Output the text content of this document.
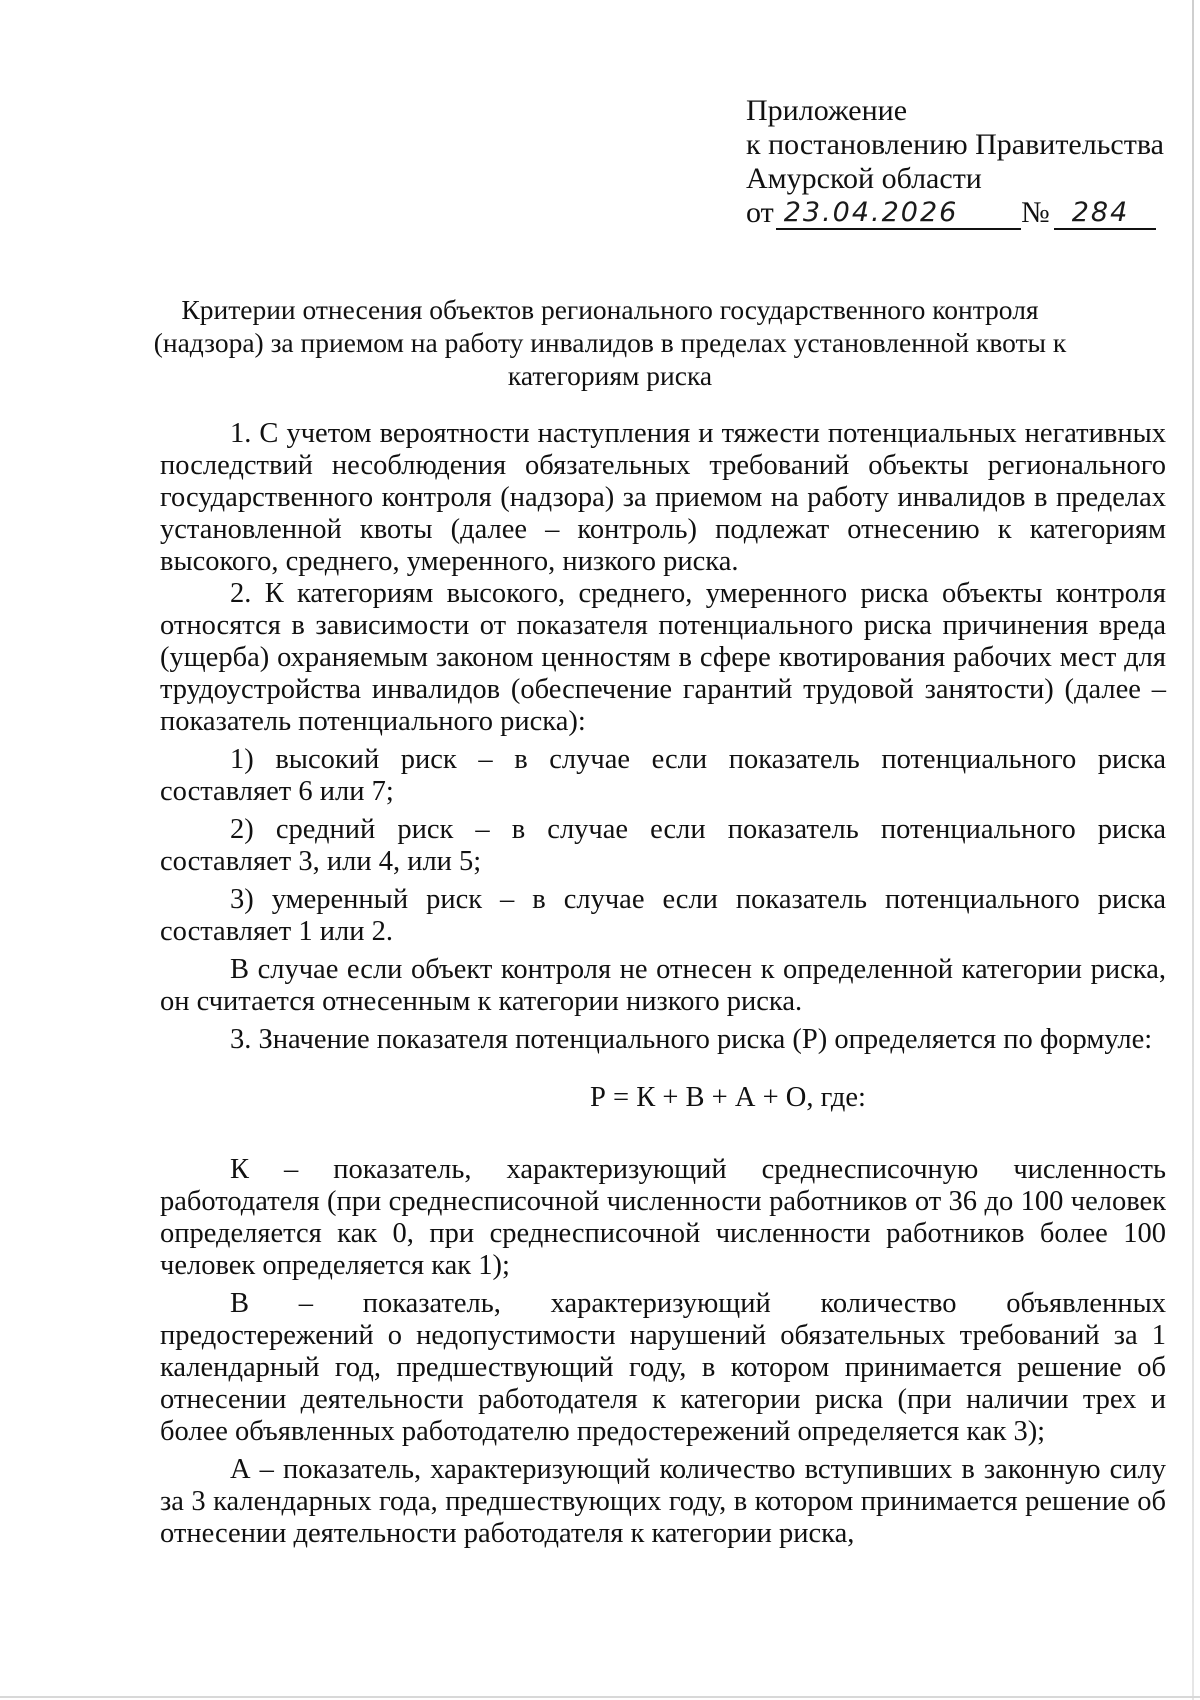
Приложение
к постановлению Правительства
Амурской области
от 23.04.2026	№ 284
Критерии отнесения объектов регионального государственного контроля (надзора) за приемом на работу инвалидов в пределах установленной квоты к категориям риска

1. С учетом вероятности наступления и тяжести потенциальных негативных последствий несоблюдения обязательных требований объекты регионального государственного контроля (надзора) за приемом на работу инвалидов в пределах установленной квоты (далее – контроль) подлежат отнесению к категориям высокого, среднего, умеренного, низкого риска.

2. К категориям высокого, среднего, умеренного риска объекты контроля относятся в зависимости от показателя потенциального риска причинения вреда (ущерба) охраняемым законом ценностям в сфере квотирования рабочих мест для трудоустройства инвалидов (обеспечение гарантий трудовой занятости) (далее – показатель потенциального риска):

1) высокий риск – в случае если показатель потенциального риска составляет 6 или 7;

2) средний риск – в случае если показатель потенциального риска составляет 3, или 4, или 5;

3) умеренный риск – в случае если показатель потенциального риска составляет 1 или 2.

В случае если объект контроля не отнесен к определенной категории риска, он считается отнесенным к категории низкого риска.

3. Значение показателя потенциального риска (Р) определяется по формуле:

Р = К + В + А + О, где:

К – показатель, характеризующий среднесписочную численность работодателя (при среднесписочной численности работников от 36 до 100 человек определяется как 0, при среднесписочной численности работников более 100 человек определяется как 1);

В – показатель, характеризующий количество объявленных предостережений о недопустимости нарушений обязательных требований за 1 календарный год, предшествующий году, в котором принимается решение об отнесении деятельности работодателя к категории риска (при наличии трех и более объявленных работодателю предостережений определяется как 3);

А – показатель, характеризующий количество вступивших в законную силу за 3 календарных года, предшествующих году, в котором принимается решение об отнесении деятельности работодателя к категории риска,
